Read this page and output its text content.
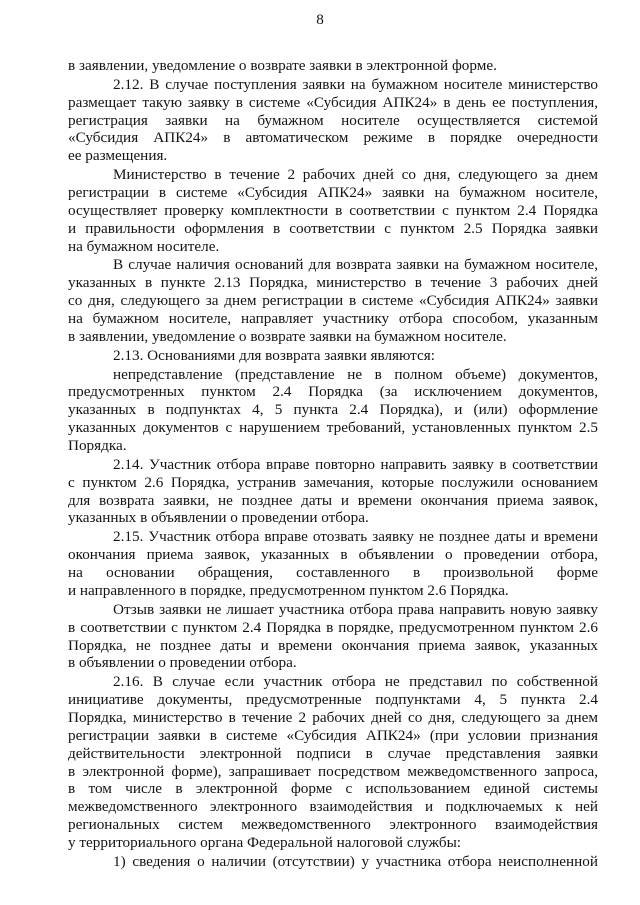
8
в заявлении, уведомление о возврате заявки в электронной форме.
2.12. В случае поступления заявки на бумажном носителе министерство
размещает такую заявку в системе «Субсидия АПК24» в день ее поступления,
регистрация заявки на бумажном носителе осуществляется системой
«Субсидия АПК24» в автоматическом режиме в порядке очередности
ее размещения.
Министерство в течение 2 рабочих дней со дня, следующего за днем
регистрации в системе «Субсидия АПК24» заявки на бумажном носителе,
осуществляет проверку комплектности в соответствии с пунктом 2.4 Порядка
и правильности оформления в соответствии с пунктом 2.5 Порядка заявки
на бумажном носителе.
В случае наличия оснований для возврата заявки на бумажном носителе,
указанных в пункте 2.13 Порядка, министерство в течение 3 рабочих дней
со дня, следующего за днем регистрации в системе «Субсидия АПК24» заявки
на бумажном носителе, направляет участнику отбора способом, указанным
в заявлении, уведомление о возврате заявки на бумажном носителе.
2.13. Основаниями для возврата заявки являются:
непредставление (представление не в полном объеме) документов,
предусмотренных пунктом 2.4 Порядка (за исключением документов,
указанных в подпунктах 4, 5 пункта 2.4 Порядка), и (или) оформление
указанных документов с нарушением требований, установленных пунктом 2.5
Порядка.
2.14. Участник отбора вправе повторно направить заявку в соответствии
с пунктом 2.6 Порядка, устранив замечания, которые послужили основанием
для возврата заявки, не позднее даты и времени окончания приема заявок,
указанных в объявлении о проведении отбора.
2.15. Участник отбора вправе отозвать заявку не позднее даты и времени
окончания приема заявок, указанных в объявлении о проведении отбора,
на основании обращения, составленного в произвольной форме
и направленного в порядке, предусмотренном пунктом 2.6 Порядка.
Отзыв заявки не лишает участника отбора права направить новую заявку
в соответствии с пунктом 2.4 Порядка в порядке, предусмотренном пунктом 2.6
Порядка, не позднее даты и времени окончания приема заявок, указанных
в объявлении о проведении отбора.
2.16. В случае если участник отбора не представил по собственной
инициативе документы, предусмотренные подпунктами 4, 5 пункта 2.4
Порядка, министерство в течение 2 рабочих дней со дня, следующего за днем
регистрации заявки в системе «Субсидия АПК24» (при условии признания
действительности электронной подписи в случае представления заявки
в электронной форме), запрашивает посредством межведомственного запроса,
в том числе в электронной форме с использованием единой системы
межведомственного электронного взаимодействия и подключаемых к ней
региональных систем межведомственного электронного взаимодействия
у территориального органа Федеральной налоговой службы:
1) сведения о наличии (отсутствии) у участника отбора неисполненной
